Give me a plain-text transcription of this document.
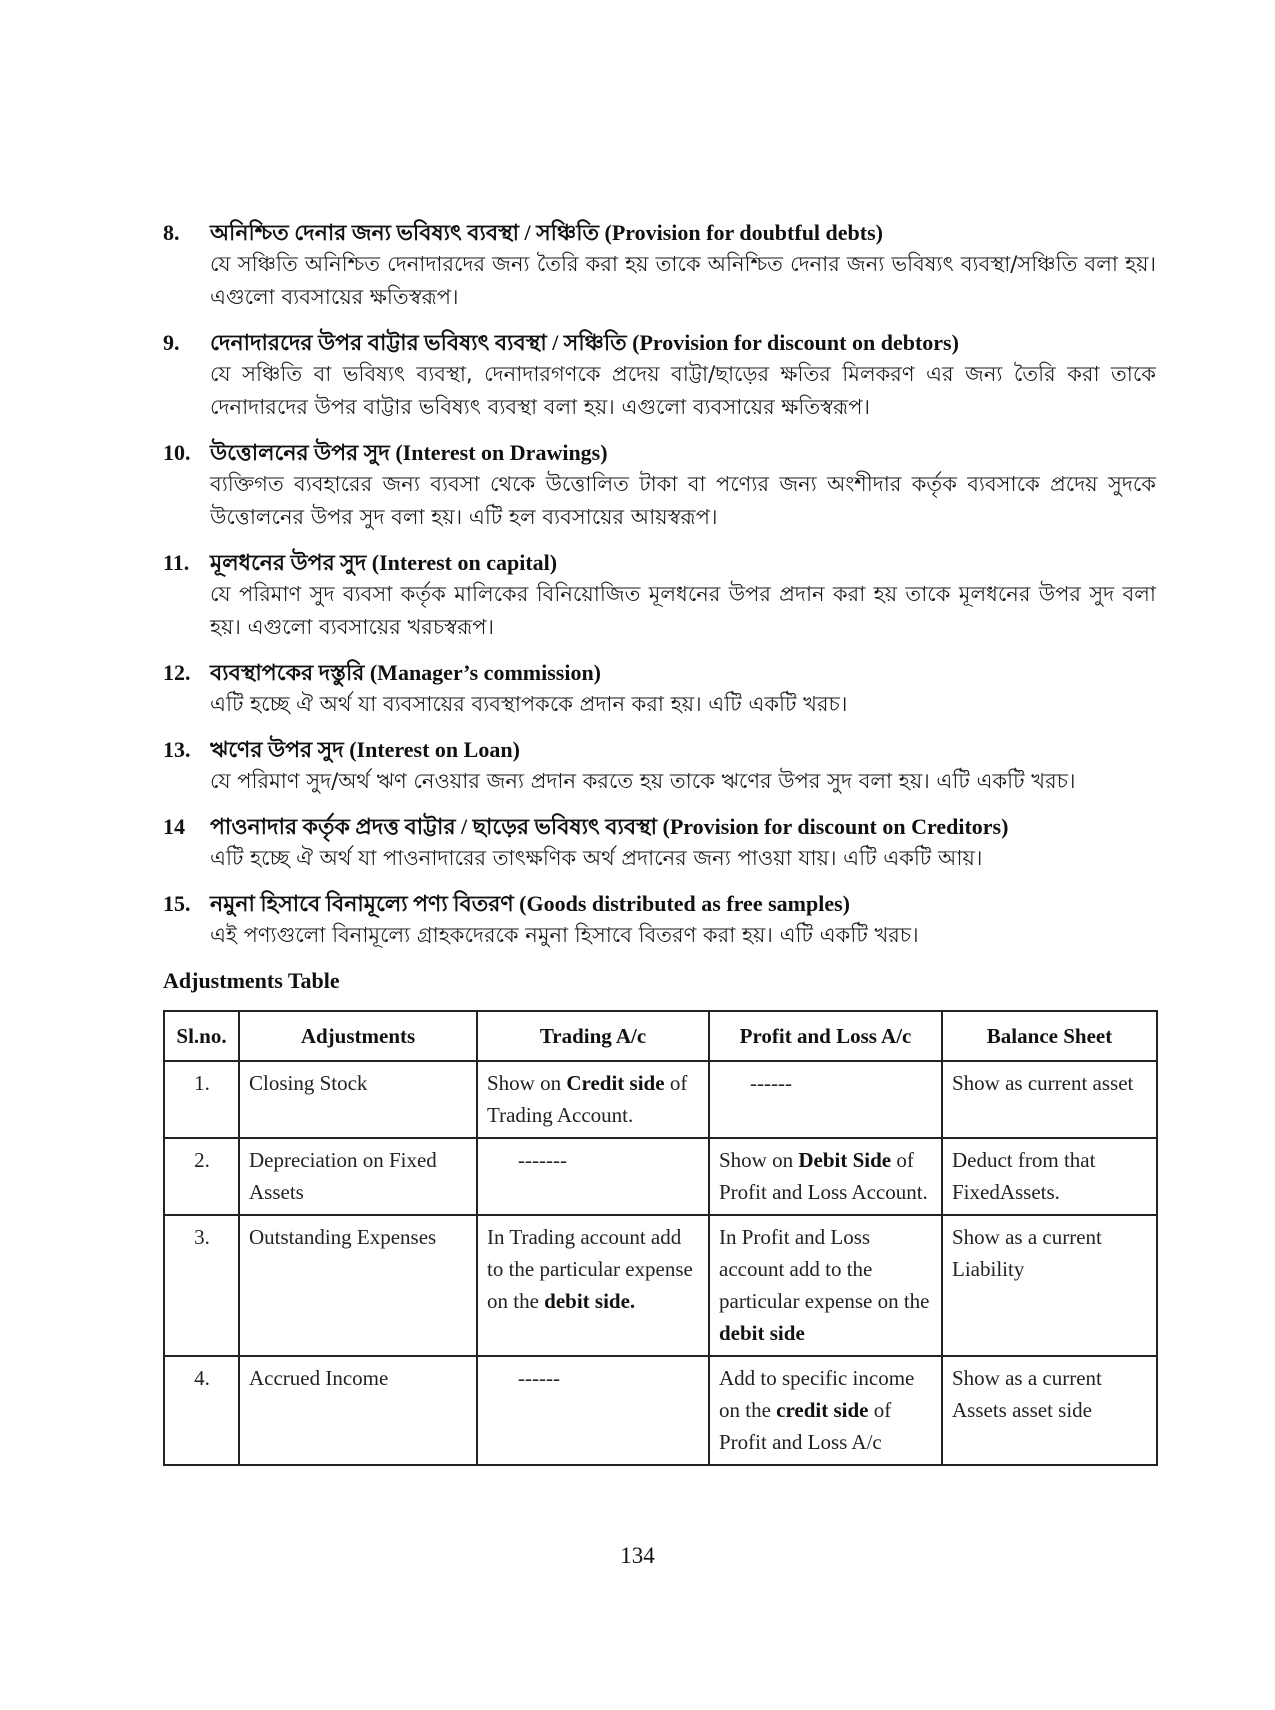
8.	অনিশ্চিত দেনার জন্য ভবিষ্যৎ ব্যবস্থা / সঞ্চিতি (Provision for doubtful debts)
যে সঞ্চিতি অনিশ্চিত দেনাদারদের জন্য তৈরি করা হয় তাকে অনিশ্চিত দেনার জন্য ভবিষ্যৎ ব্যবস্থা/সঞ্চিতি বলা হয়। এগুলো ব্যবসায়ের ক্ষতিস্বরূপ।
9.	দেনাদারদের উপর বাট্টার ভবিষ্যৎ ব্যবস্থা / সঞ্চিতি (Provision for discount on debtors)
যে সঞ্চিতি বা ভবিষ্যৎ ব্যবস্থা, দেনাদারগণকে প্রদেয় বাট্টা/ছাড়ের ক্ষতির মিলকরণ এর জন্য তৈরি করা তাকে দেনাদারদের উপর বাট্টার ভবিষ্যৎ ব্যবস্থা বলা হয়। এগুলো ব্যবসায়ের ক্ষতিস্বরূপ।
10. উত্তোলনের উপর সুদ (Interest on Drawings)
ব্যক্তিগত ব্যবহারের জন্য ব্যবসা থেকে উত্তোলিত টাকা বা পণ্যের জন্য অংশীদার কর্তৃক ব্যবসাকে প্রদেয় সুদকে উত্তোলনের উপর সুদ বলা হয়। এটি হল ব্যবসায়ের আয়স্বরূপ।
11. মূলধনের উপর সুদ (Interest on capital)
যে পরিমাণ সুদ ব্যবসা কর্তৃক মালিকের বিনিয়োজিত মূলধনের উপর প্রদান করা হয় তাকে মূলধনের উপর সুদ বলা হয়। এগুলো ব্যবসায়ের খরচস্বরূপ।
12. ব্যবস্থাপকের দস্তুরি (Manager’s commission)
এটি হচ্ছে ঐ অর্থ যা ব্যবসায়ের ব্যবস্থাপককে প্রদান করা হয়। এটি একটি খরচ।
13. ঋণের উপর সুদ (Interest on Loan)
যে পরিমাণ সুদ/অর্থ ঋণ নেওয়ার জন্য প্রদান করতে হয় তাকে ঋণের উপর সুদ বলা হয়। এটি একটি খরচ।
14	পাওনাদার কর্তৃক প্রদত্ত বাট্টার / ছাড়ের ভবিষ্যৎ ব্যবস্থা (Provision for discount on Creditors)
এটি হচ্ছে ঐ অর্থ যা পাওনাদারের তাৎক্ষণিক অর্থ প্রদানের জন্য পাওয়া যায়। এটি একটি আয়।
15. নমুনা হিসাবে বিনামূল্যে পণ্য বিতরণ (Goods distributed as free samples)
এই পণ্যগুলো বিনামূল্যে গ্রাহকদেরকে নমুনা হিসাবে বিতরণ করা হয়। এটি একটি খরচ।
Adjustments Table
Sl.no.	Adjustments	Trading A/c	Profit and Loss A/c	Balance Sheet
1.	Closing Stock	Show on Credit side of Trading Account.	------	Show as current asset
2.	Depreciation on Fixed Assets	-------	Show on Debit Side of Profit and Loss Account.	Deduct from that FixedAssets.
3.	Outstanding Expenses	In Trading account add to the particular expense on the debit side.	In Profit and Loss account add to the particular expense on the debit side	Show as a current Liability
4.	Accrued Income	------	Add to specific income on the credit side of Profit and Loss A/c	Show as a current Assets asset side
134
